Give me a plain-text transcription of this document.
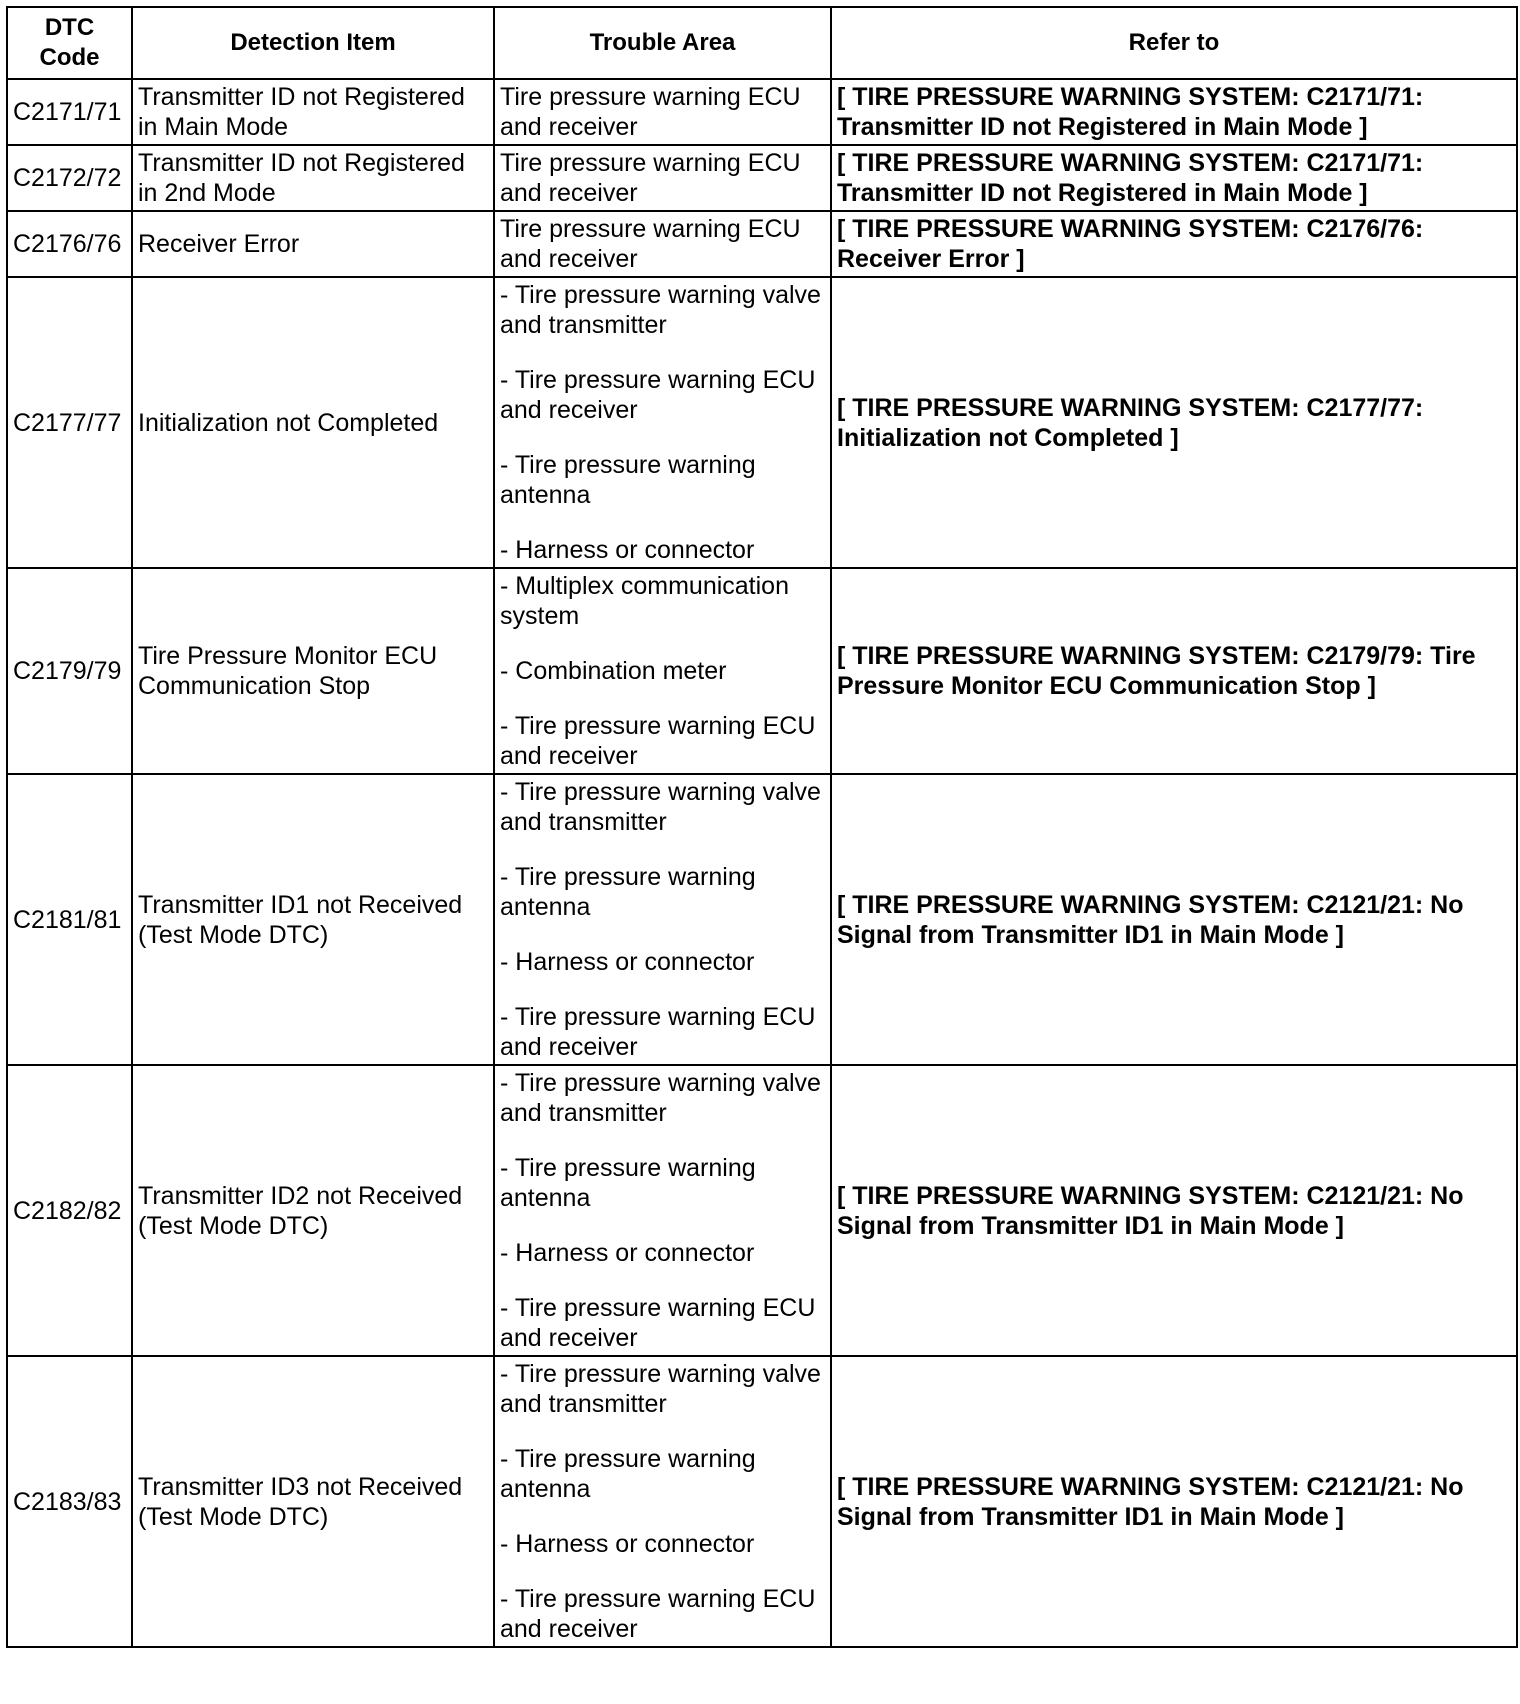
DTC
Code	Detection Item	Trouble Area	Refer to
C2171/71	Transmitter ID not Registered in Main Mode	Tire pressure warning ECU and receiver	[ TIRE PRESSURE WARNING SYSTEM: C2171/71: Transmitter ID not Registered in Main Mode ]
C2172/72	Transmitter ID not Registered in 2nd Mode	Tire pressure warning ECU and receiver	[ TIRE PRESSURE WARNING SYSTEM: C2171/71: Transmitter ID not Registered in Main Mode ]
C2176/76	Receiver Error	Tire pressure warning ECU and receiver	[ TIRE PRESSURE WARNING SYSTEM: C2176/76: Receiver Error ]
C2177/77	Initialization not Completed	- Tire pressure warning valve and transmitter
- Tire pressure warning ECU and receiver
- Tire pressure warning antenna
- Harness or connector	[ TIRE PRESSURE WARNING SYSTEM: C2177/77: Initialization not Completed ]
C2179/79	Tire Pressure Monitor ECU Communication Stop	- Multiplex communication system
- Combination meter
- Tire pressure warning ECU and receiver	[ TIRE PRESSURE WARNING SYSTEM: C2179/79: Tire Pressure Monitor ECU Communication Stop ]
C2181/81	Transmitter ID1 not Received (Test Mode DTC)	- Tire pressure warning valve and transmitter
- Tire pressure warning antenna
- Harness or connector
- Tire pressure warning ECU and receiver	[ TIRE PRESSURE WARNING SYSTEM: C2121/21: No Signal from Transmitter ID1 in Main Mode ]
C2182/82	Transmitter ID2 not Received (Test Mode DTC)	- Tire pressure warning valve and transmitter
- Tire pressure warning antenna
- Harness or connector
- Tire pressure warning ECU and receiver	[ TIRE PRESSURE WARNING SYSTEM: C2121/21: No Signal from Transmitter ID1 in Main Mode ]
C2183/83	Transmitter ID3 not Received (Test Mode DTC)	- Tire pressure warning valve and transmitter
- Tire pressure warning antenna
- Harness or connector
- Tire pressure warning ECU and receiver	[ TIRE PRESSURE WARNING SYSTEM: C2121/21: No Signal from Transmitter ID1 in Main Mode ]
